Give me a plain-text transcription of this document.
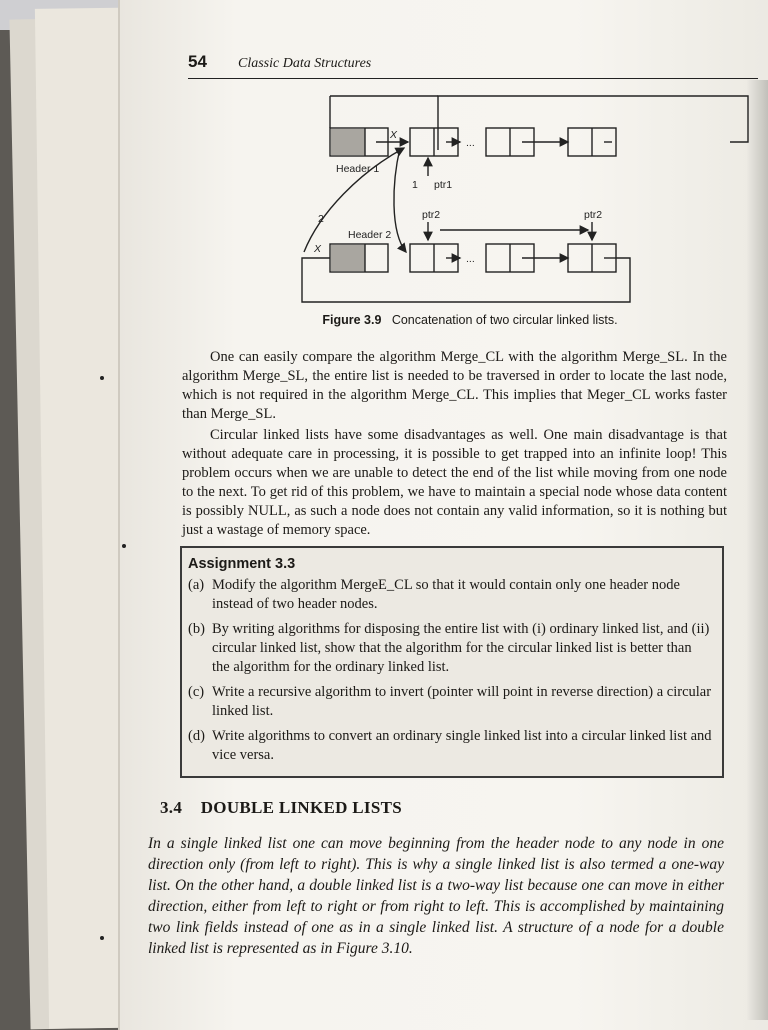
54 Classic Data Structures
Header 1
Header 2
X
X
1 ptr1
ptr2	ptr2
2
...
...
Figure 3.9 Concatenation of two circular linked lists.
One can easily compare the algorithm Merge_CL with the algorithm Merge_SL. In the algorithm Merge_SL, the entire list is needed to be traversed in order to locate the last node, which is not required in the algorithm Merge_CL. This implies that Meger_CL works faster than Merge_SL.
Circular linked lists have some disadvantages as well. One main disadvantage is that without adequate care in processing, it is possible to get trapped into an infinite loop! This problem occurs when we are unable to detect the end of the list while moving from one node to the next. To get rid of this problem, we have to maintain a special node whose data content is possibly NULL, as such a node does not contain any valid information, so it is nothing but just a wastage of memory space.
Assignment 3.3
(a) Modify the algorithm MergeE_CL so that it would contain only one header node instead of two header nodes.
(b) By writing algorithms for disposing the entire list with (i) ordinary linked list, and (ii) circular linked list, show that the algorithm for the circular linked list is better than the algorithm for the ordinary linked list.
(c) Write a recursive algorithm to invert (pointer will point in reverse direction) a circular linked list.
(d) Write algorithms to convert an ordinary single linked list into a circular linked list and vice versa.
3.4 DOUBLE LINKED LISTS
In a single linked list one can move beginning from the header node to any node in one direction only (from left to right). This is why a single linked list is also termed a one-way list. On the other hand, a double linked list is a two-way list because one can move in either direction, either from left to right or from right to left. This is accomplished by maintaining two link fields instead of one as in a single linked list. A structure of a node for a double linked list is represented as in Figure 3.10.
